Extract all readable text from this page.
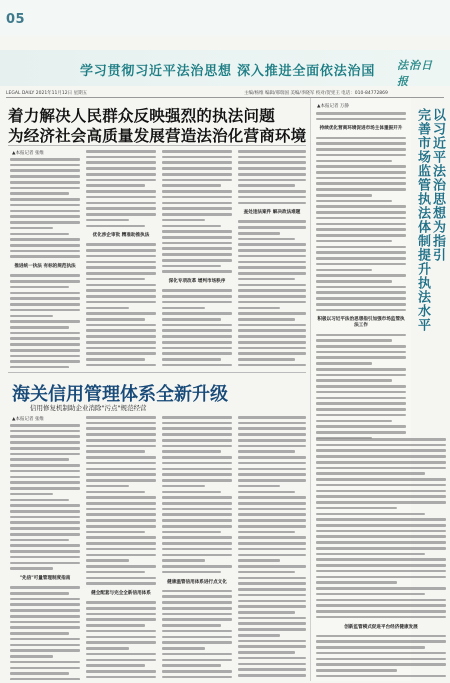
05
学习贯彻习近平法治思想 深入推进全面依法治国 法治日报
LEGAL DAILY 2021年11月12日 星期五	主编/杨维 编辑/邢瑞国 美编/李晓军 校对/贺宪王 电话：010-84772869
着力解决人民群众反映强烈的执法问题
为经济社会高质量发展营造法治化营商环境
▲本报记者 张维
推进统一执法 有标的规范执法
优化涉企审批 精准助推执法
深化专项改革 增判市场秩序
查处违法案件 解决政法难题
海关信用管理体系全新升级
信用修复机制助企业消除"污点"规范经营
▲本报记者 张维
"先信"可量管理制度指南
健全配套与完全全新信用体系
健康温管信用体系进行点文化
▲本报记者 万静
以习近平法治思想为指引
完善市场监管执法体制提升执法水平
持续优化营商环境促进市场主体重振开升
积极以习近平法治思想指引加强市场监管执法工作
创新监管模式促进平台经济健康发展
